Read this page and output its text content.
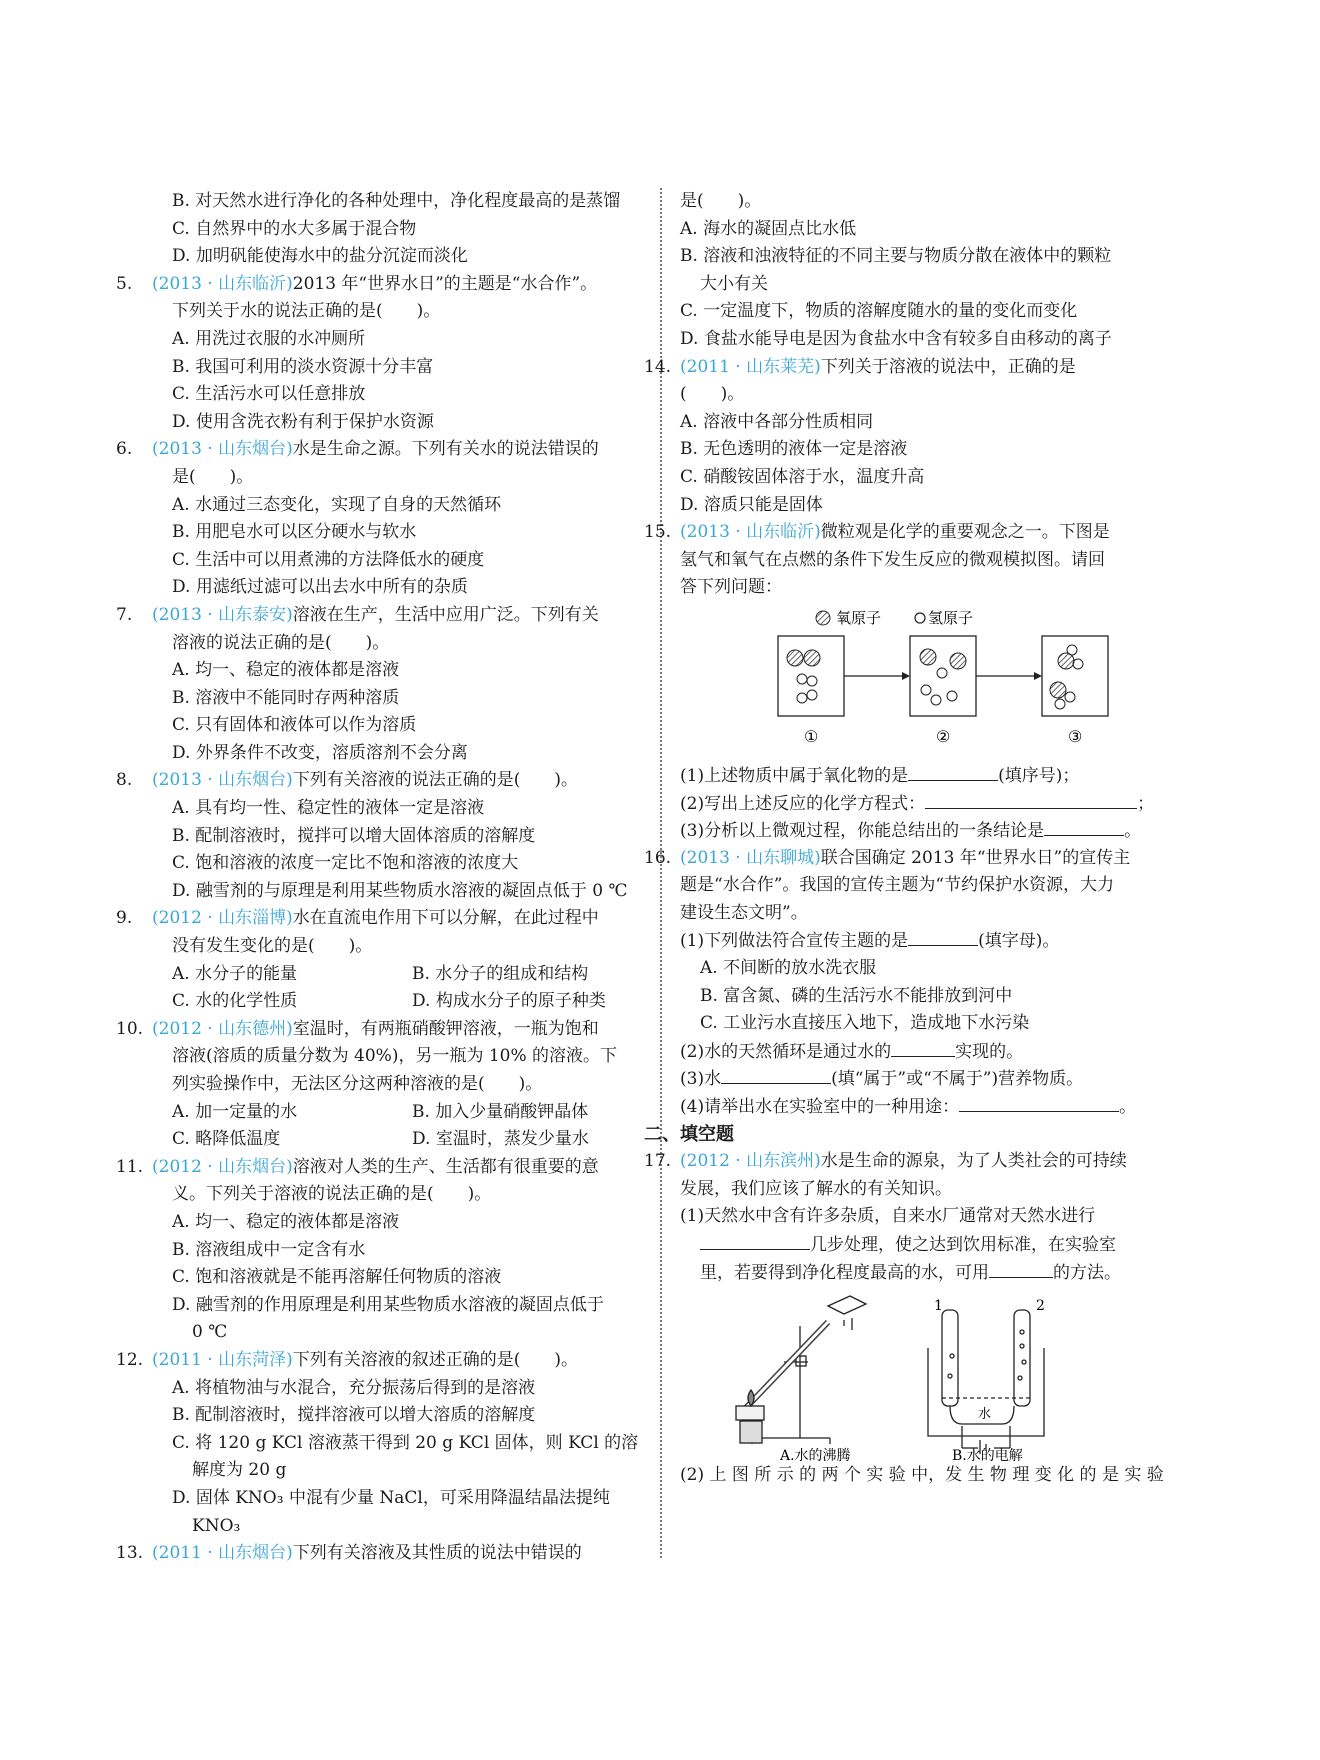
B. 对天然水进行净化的各种处理中，净化程度最高的是蒸馏
C. 自然界中的水大多属于混合物
D. 加明矾能使海水中的盐分沉淀而淡化
5. (2013 · 山东临沂)2013 年“世界水日”的主题是“水合作”。
下列关于水的说法正确的是(　　)。
A. 用洗过衣服的水冲厕所
B. 我国可利用的淡水资源十分丰富
C. 生活污水可以任意排放
D. 使用含洗衣粉有利于保护水资源
6. (2013 · 山东烟台)水是生命之源。下列有关水的说法错误的
是(　　)。
A. 水通过三态变化，实现了自身的天然循环
B. 用肥皂水可以区分硬水与软水
C. 生活中可以用煮沸的方法降低水的硬度
D. 用滤纸过滤可以出去水中所有的杂质
7. (2013 · 山东泰安)溶液在生产，生活中应用广泛。下列有关
溶液的说法正确的是(　　)。
A. 均一、稳定的液体都是溶液
B. 溶液中不能同时存两种溶质
C. 只有固体和液体可以作为溶质
D. 外界条件不改变，溶质溶剂不会分离
8. (2013 · 山东烟台)下列有关溶液的说法正确的是(　　)。
A. 具有均一性、稳定性的液体一定是溶液
B. 配制溶液时，搅拌可以增大固体溶质的溶解度
C. 饱和溶液的浓度一定比不饱和溶液的浓度大
D. 融雪剂的与原理是利用某些物质水溶液的凝固点低于 0 ℃
9. (2012 · 山东淄博)水在直流电作用下可以分解，在此过程中
没有发生变化的是(　　)。
A. 水分子的能量	B. 水分子的组成和结构
C. 水的化学性质	D. 构成水分子的原子种类
10. (2012 · 山东德州)室温时，有两瓶硝酸钾溶液，一瓶为饱和
溶液(溶质的质量分数为 40%)，另一瓶为 10% 的溶液。下
列实验操作中，无法区分这两种溶液的是(　　)。
A. 加一定量的水	B. 加入少量硝酸钾晶体
C. 略降低温度	D. 室温时，蒸发少量水
11. (2012 · 山东烟台)溶液对人类的生产、生活都有很重要的意
义。下列关于溶液的说法正确的是(　　)。
A. 均一、稳定的液体都是溶液
B. 溶液组成中一定含有水
C. 饱和溶液就是不能再溶解任何物质的溶液
D. 融雪剂的作用原理是利用某些物质水溶液的凝固点低于
0 ℃
12. (2011 · 山东菏泽)下列有关溶液的叙述正确的是(　　)。
A. 将植物油与水混合，充分振荡后得到的是溶液
B. 配制溶液时，搅拌溶液可以增大溶质的溶解度
C. 将 120 g KCl 溶液蒸干得到 20 g KCl 固体，则 KCl 的溶
解度为 20 g
D. 固体 KNO₃ 中混有少量 NaCl，可采用降温结晶法提纯
KNO₃
13. (2011 · 山东烟台)下列有关溶液及其性质的说法中错误的
是(　　)。
A. 海水的凝固点比水低
B. 溶液和浊液特征的不同主要与物质分散在液体中的颗粒
大小有关
C. 一定温度下，物质的溶解度随水的量的变化而变化
D. 食盐水能导电是因为食盐水中含有较多自由移动的离子
14. (2011 · 山东莱芜)下列关于溶液的说法中，正确的是
(　　)。
A. 溶液中各部分性质相同
B. 无色透明的液体一定是溶液
C. 硝酸铵固体溶于水，温度升高
D. 溶质只能是固体
15. (2013 · 山东临沂)微粒观是化学的重要观念之一。下图是
氢气和氧气在点燃的条件下发生反应的微观模拟图。请回
答下列问题：
氧原子	氢原子
①	②	③
(1)上述物质中属于氧化物的是	(填序号)；
(2)写出上述反应的化学方程式：	；
(3)分析以上微观过程，你能总结出的一条结论是	。
16. (2013 · 山东聊城)联合国确定 2013 年“世界水日”的宣传主
题是“水合作”。我国的宣传主题为“节约保护水资源，大力
建设生态文明”。
(1)下列做法符合宣传主题的是	(填字母)。
A. 不间断的放水洗衣服
B. 富含氮、磷的生活污水不能排放到河中
C. 工业污水直接压入地下，造成地下水污染
(2)水的天然循环是通过水的	实现的。
(3)水	(填“属于”或“不属于”)营养物质。
(4)请举出水在实验室中的一种用途：	。
二、填空题
17. (2012 · 山东滨州)水是生命的源泉，为了人类社会的可持续
发展，我们应该了解水的有关知识。
(1)天然水中含有许多杂质，自来水厂通常对天然水进行
几步处理，使之达到饮用标准，在实验室
里，若要得到净化程度最高的水，可用	的方法。
A.水的沸腾
1	2
水
B.水的电解
(2) 上 图 所 示 的 两 个 实 验 中，发 生 物 理 变 化 的 是 实 验
